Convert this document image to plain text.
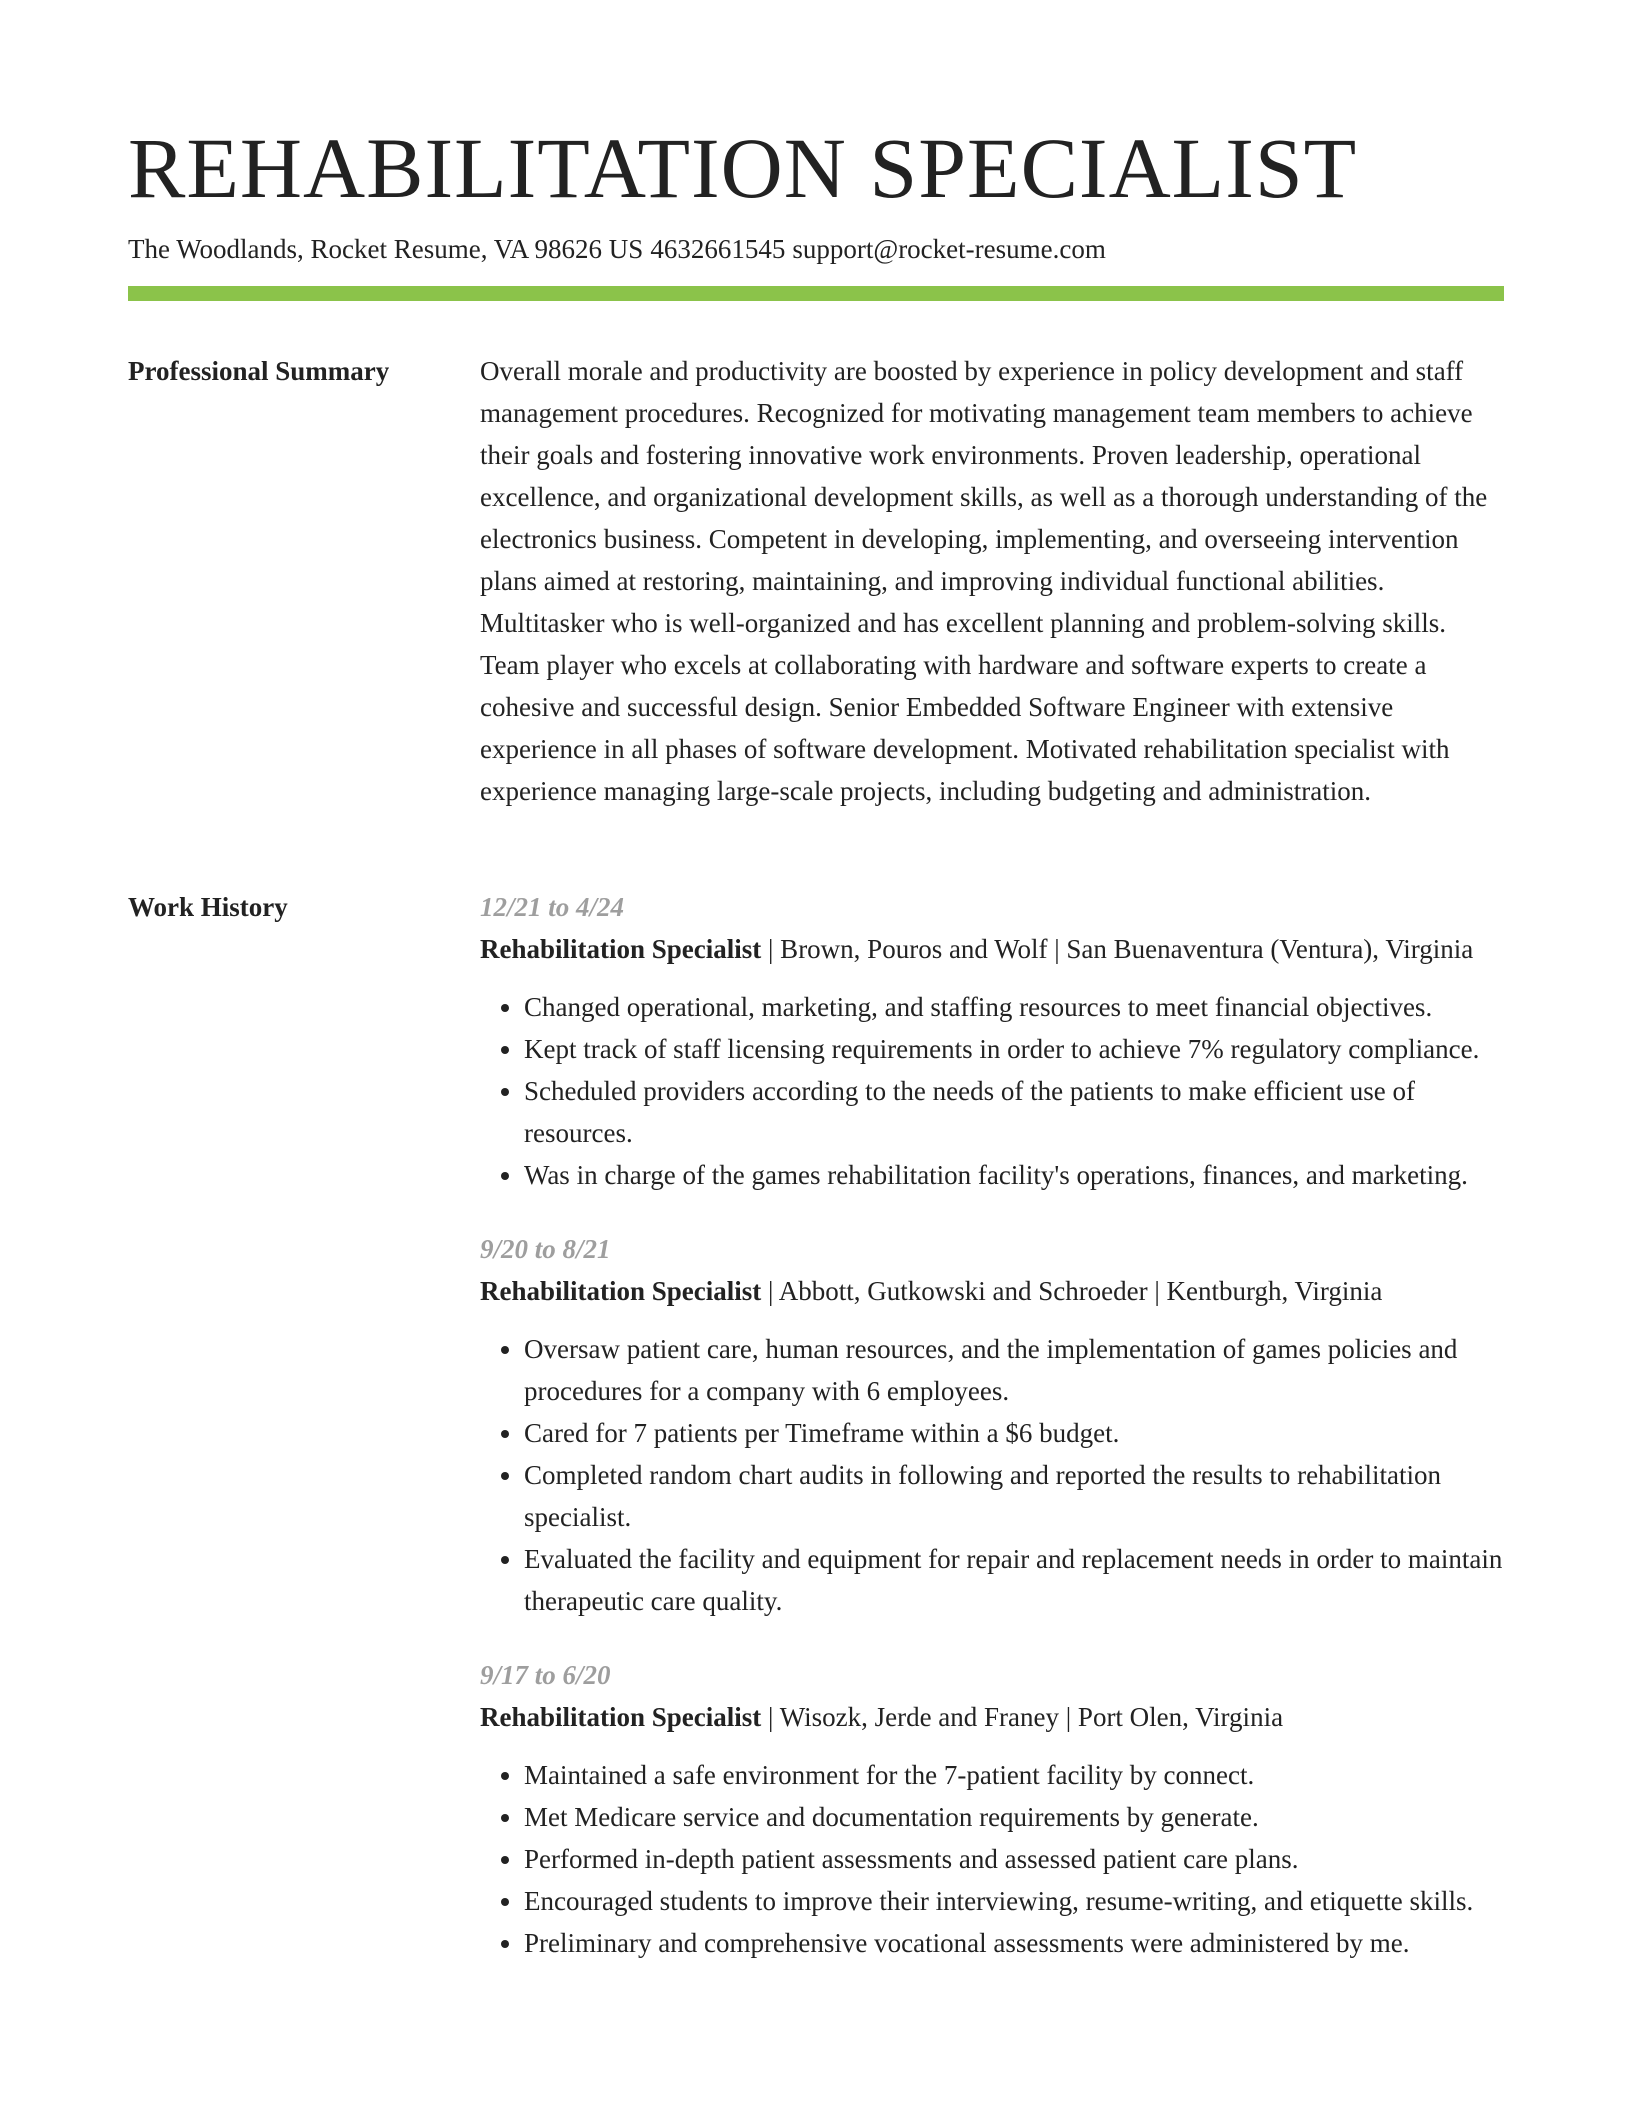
REHABILITATION SPECIALIST
The Woodlands, Rocket Resume, VA 98626 US 4632661545 support@rocket-resume.com
Professional Summary	Overall morale and productivity are boosted by experience in policy development and staff management procedures. Recognized for motivating management team members to achieve their goals and fostering innovative work environments. Proven leadership, operational excellence, and organizational development skills, as well as a thorough understanding of the electronics business. Competent in developing, implementing, and overseeing intervention plans aimed at restoring, maintaining, and improving individual functional abilities. Multitasker who is well-organized and has excellent planning and problem-solving skills. Team player who excels at collaborating with hardware and software experts to create a cohesive and successful design. Senior Embedded Software Engineer with extensive experience in all phases of software development. Motivated rehabilitation specialist with experience managing large-scale projects, including budgeting and administration.

Work History	12/21 to 4/24
Rehabilitation Specialist | Brown, Pouros and Wolf | San Buenaventura (Ventura), Virginia
• Changed operational, marketing, and staffing resources to meet financial objectives.
• Kept track of staff licensing requirements in order to achieve 7% regulatory compliance.
• Scheduled providers according to the needs of the patients to make efficient use of resources.
• Was in charge of the games rehabilitation facility's operations, finances, and marketing.
9/20 to 8/21
Rehabilitation Specialist | Abbott, Gutkowski and Schroeder | Kentburgh, Virginia
• Oversaw patient care, human resources, and the implementation of games policies and procedures for a company with 6 employees.
• Cared for 7 patients per Timeframe within a $6 budget.
• Completed random chart audits in following and reported the results to rehabilitation specialist.
• Evaluated the facility and equipment for repair and replacement needs in order to maintain therapeutic care quality.
9/17 to 6/20
Rehabilitation Specialist | Wisozk, Jerde and Franey | Port Olen, Virginia
• Maintained a safe environment for the 7-patient facility by connect.
• Met Medicare service and documentation requirements by generate.
• Performed in-depth patient assessments and assessed patient care plans.
• Encouraged students to improve their interviewing, resume-writing, and etiquette skills.
• Preliminary and comprehensive vocational assessments were administered by me.
